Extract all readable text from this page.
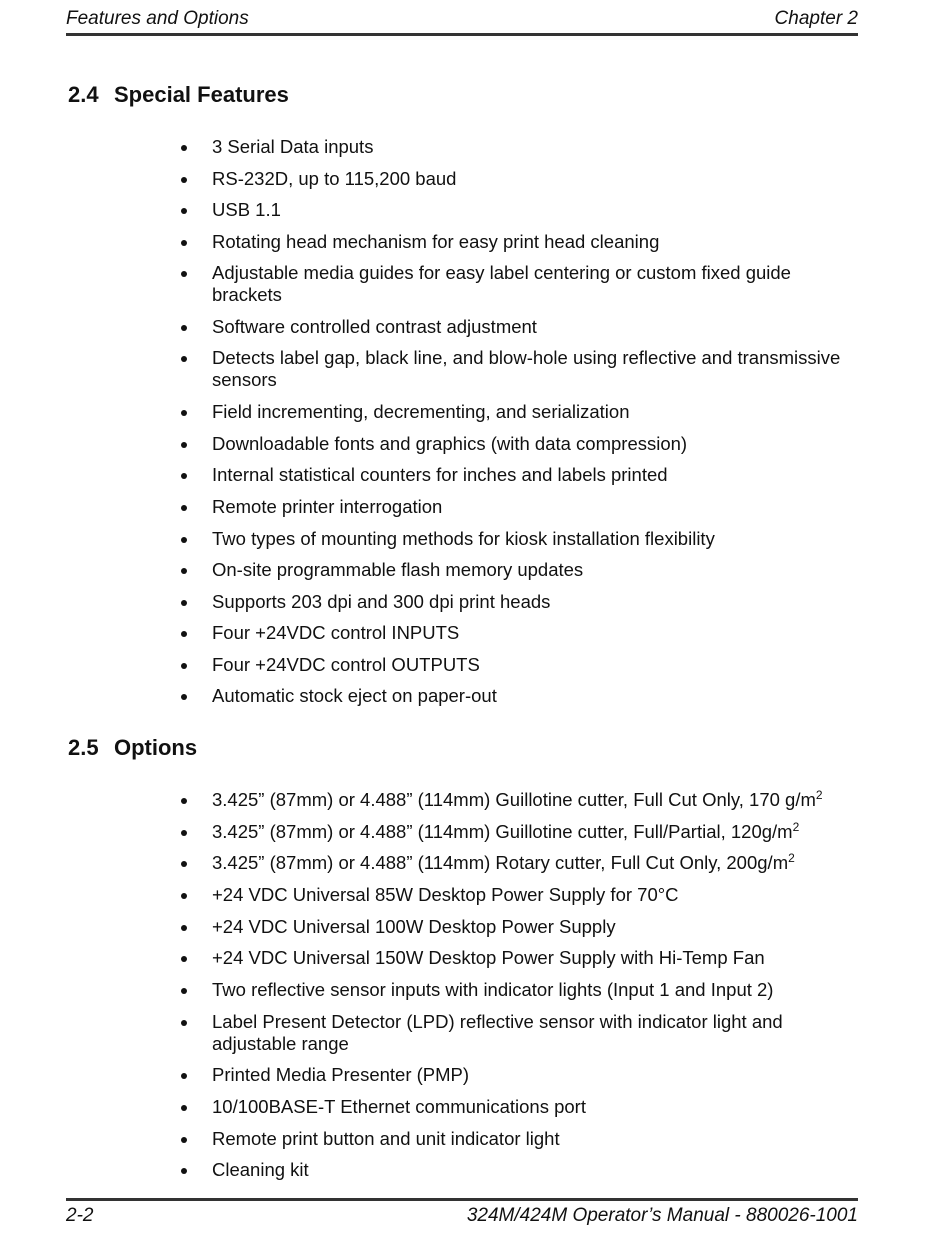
Features and Options	Chapter 2
2.4 Special Features
3 Serial Data inputs
RS-232D, up to 115,200 baud
USB 1.1
Rotating head mechanism for easy print head cleaning
Adjustable media guides for easy label centering or custom fixed guide brackets
Software controlled contrast adjustment
Detects label gap, black line, and blow-hole using reflective and transmissive sensors
Field incrementing, decrementing, and serialization
Downloadable fonts and graphics (with data compression)
Internal statistical counters for inches and labels printed
Remote printer interrogation
Two types of mounting methods for kiosk installation flexibility
On-site programmable flash memory updates
Supports 203 dpi and 300 dpi print heads
Four +24VDC control INPUTS
Four +24VDC control OUTPUTS
Automatic stock eject on paper-out
2.5 Options
3.425” (87mm) or 4.488” (114mm) Guillotine cutter, Full Cut Only, 170 $g/m^2$
3.425” (87mm) or 4.488” (114mm) Guillotine cutter, Full/Partial, $120g/m^2$
3.425” (87mm) or 4.488” (114mm) Rotary cutter, Full Cut Only, $200g/m^2$
+24 VDC Universal 85W Desktop Power Supply for 70°C
+24 VDC Universal 100W Desktop Power Supply
+24 VDC Universal 150W Desktop Power Supply with Hi-Temp Fan
Two reflective sensor inputs with indicator lights (Input 1 and Input 2)
Label Present Detector (LPD) reflective sensor with indicator light and adjustable range
Printed Media Presenter (PMP)
10/100BASE-T Ethernet communications port
Remote print button and unit indicator light
Cleaning kit
2-2	324M/424M Operator’s Manual - 880026-1001
